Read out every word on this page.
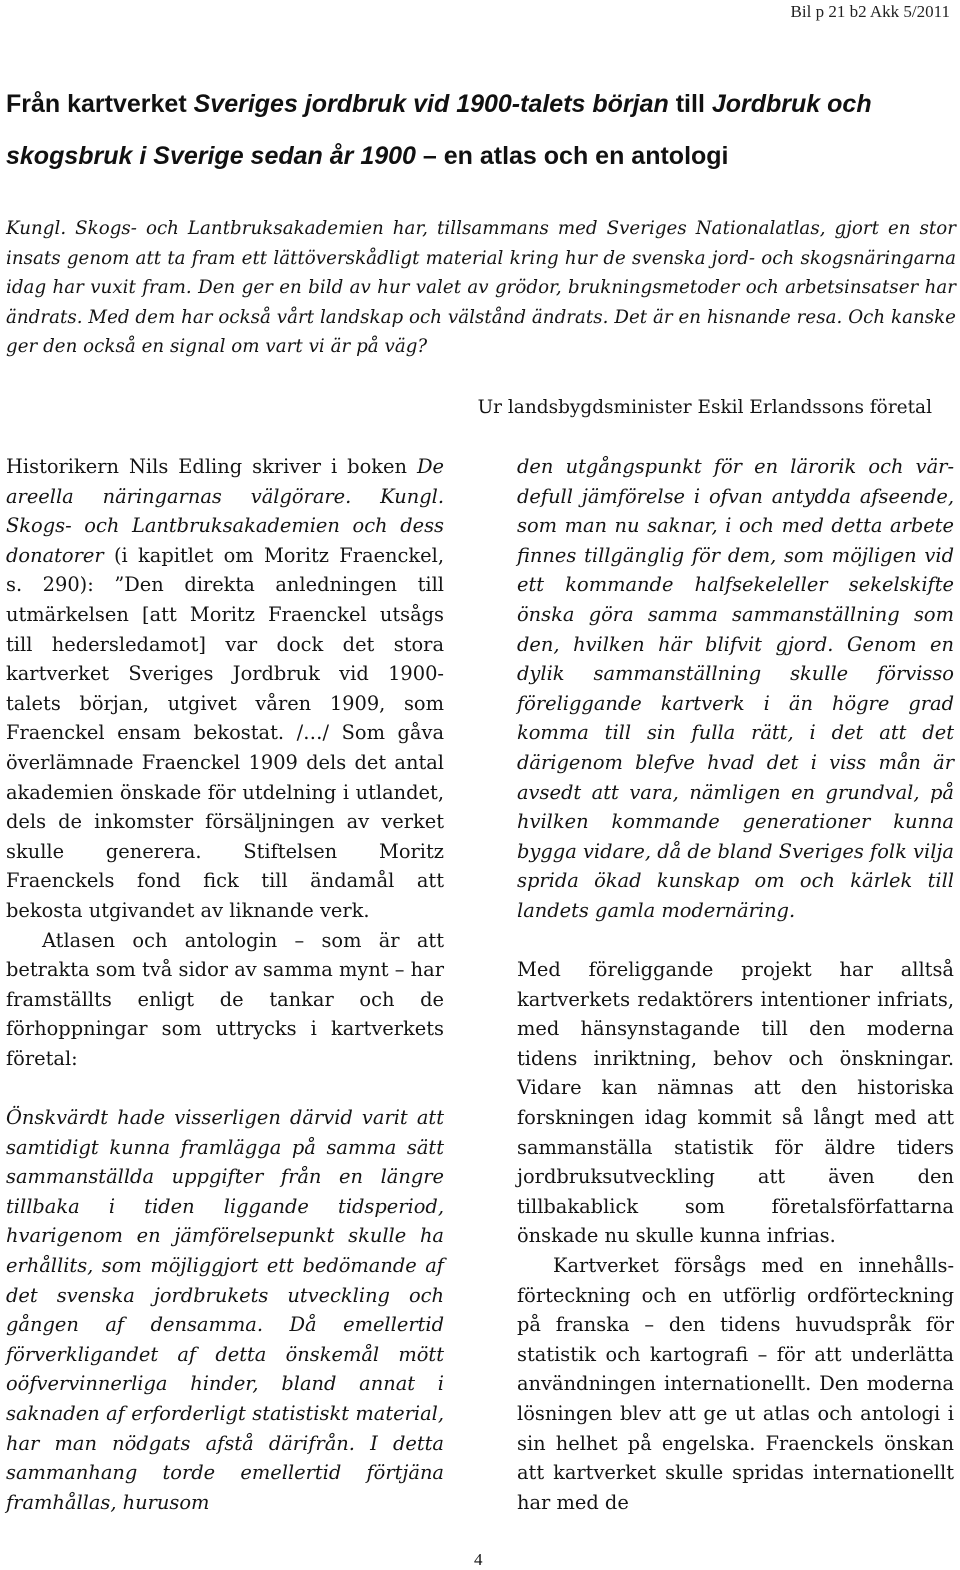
Bil p 21 b2 Akk 5/2011
Från kartverket Sveriges jordbruk vid 1900-talets början till Jordbruk och skogsbruk i Sverige sedan år 1900 – en atlas och en antologi

Kungl. Skogs- och Lantbruksakademien har, tillsammans med Sveriges Nationalatlas, gjort en stor insats genom att ta fram ett lättöverskådligt material kring hur de svenska jord- och skogsnäringarna idag har vuxit fram. Den ger en bild av hur valet av grödor, brukningsmetoder och arbetsinsatser har ändrats. Med dem har också vårt landskap och välstånd ändrats. Det är en hisnande resa. Och kanske ger den också en signal om vart vi är på väg?

Ur landsbygdsminister Eskil Erlandssons företal

Historikern Nils Edling skriver i boken De areella näringarnas välgörare. Kungl. Skogs- och Lantbruksakademien och dess donatorer (i kapitlet om Moritz Fraenckel, s. 290): ”Den direkta anledningen till utmärkelsen [att Moritz Fraenckel utsågs till hedersledamot] var dock det stora kartverket Sveriges Jordbruk vid 1900-talets början, utgivet våren 1909, som Fraenckel ensam bekostat. /…/ Som gåva överlämnade Fraenckel 1909 dels det antal akademien önskade för utdelning i utlandet, dels de inkomster försäljningen av verket skulle generera. Stiftelsen Moritz Fraenckels fond fick till ändamål att bekosta utgivandet av liknande verk.

Atlasen och antologin – som är att betrakta som två sidor av samma mynt – har framställts enligt de tankar och de förhoppningar som uttrycks i kartverkets företal:

Önskvärdt hade visserligen därvid varit att samtidigt kunna framlägga på samma sätt sammanställda uppgifter från en längre tillbaka i tiden liggande tidsperiod, hvarigenom en jämförelsepunkt skulle ha erhållits, som möjliggjort ett bedömande af det svenska jordbrukets utveckling och gången af densamma. Då emellertid förverkligandet af detta önskemål mött oöfvervinnerliga hinder, bland annat i saknaden af erforderligt statistiskt material, har man nödgats afstå därifrån. I detta sammanhang torde emellertid förtjäna framhållas, hurusom

den utgångspunkt för en lärorik och värdefull jämförelse i ofvan antydda afseende, som man nu saknar, i och med detta arbete finnes tillgänglig för dem, som möjligen vid ett kommande halfsekeleller sekelskifte önska göra samma sammanställning som den, hvilken här blifvit gjord. Genom en dylik sammanställning skulle förvisso föreliggande kartverk i än högre grad komma till sin fulla rätt, i det att det därigenom blefve hvad det i viss mån är avsedt att vara, nämligen en grundval, på hvilken kommande generationer kunna bygga vidare, då de bland Sveriges folk vilja sprida ökad kunskap om och kärlek till landets gamla modernäring.

Med föreliggande projekt har alltså kartverkets redaktörers intentioner infriats, med hänsynstagande till den moderna tidens inriktning, behov och önskningar. Vidare kan nämnas att den historiska forskningen idag kommit så långt med att sammanställa statistik för äldre tiders jordbruksutveckling att även den tillbakablick som företalsförfattarna önskade nu skulle kunna infrias.

Kartverket försågs med en innehållsförteckning och en utförlig ordförteckning på franska – den tidens huvudspråk för statistik och kartografi – för att underlätta användningen internationellt. Den moderna lösningen blev att ge ut atlas och antologi i sin helhet på engelska. Fraenckels önskan att kartverket skulle spridas internationellt har med de

4
